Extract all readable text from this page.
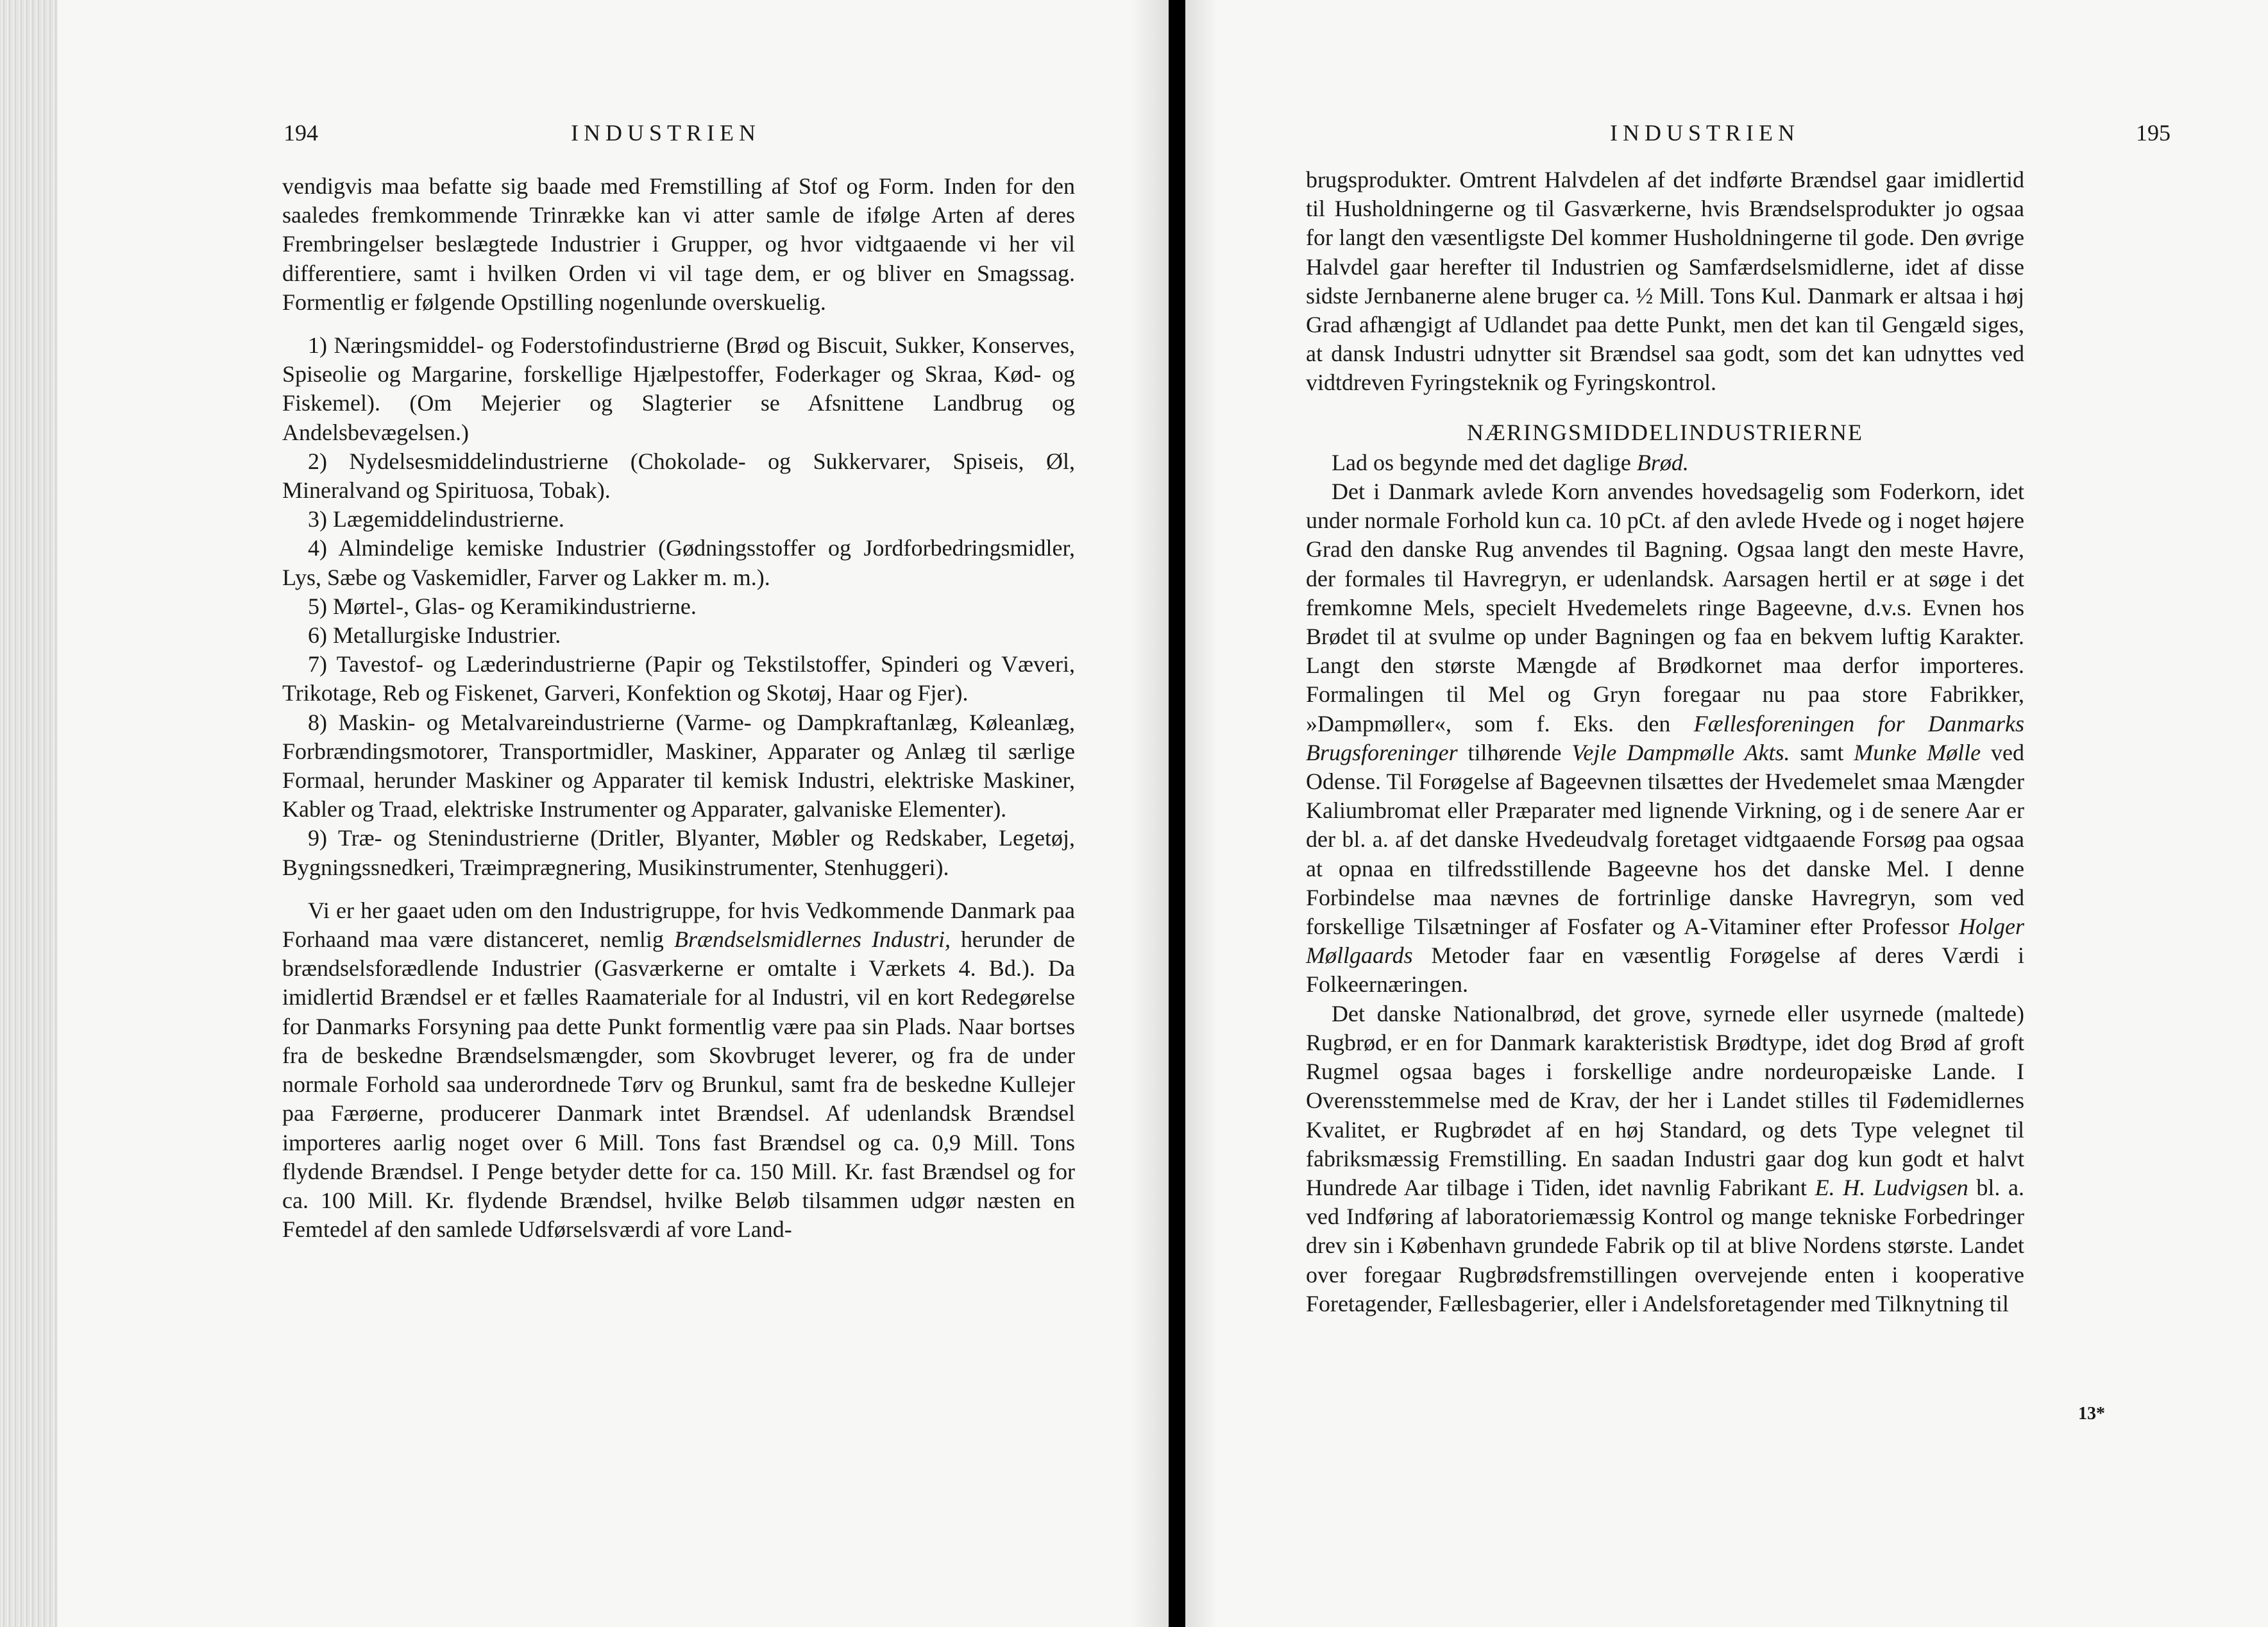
194	INDUSTRIEN

vendigvis maa befatte sig baade med Fremstilling af Stof og Form. Inden for den saaledes fremkommende Trinrække kan vi atter samle de ifølge Arten af deres Frembringelser beslægtede Industrier i Grupper, og hvor vidtgaaende vi her vil differentiere, samt i hvilken Orden vi vil tage dem, er og bliver en Smagssag. Formentlig er følgende Opstilling nogenlunde overskuelig.

1) Næringsmiddel- og Foderstofindustrierne (Brød og Biscuit, Sukker, Konserves, Spiseolie og Margarine, forskellige Hjælpestoffer, Foderkager og Skraa, Kød- og Fiskemel). (Om Mejerier og Slagterier se Afsnittene Landbrug og Andelsbevægelsen.)

2) Nydelsesmiddelindustrierne (Chokolade- og Sukkervarer, Spiseis, Øl, Mineralvand og Spirituosa, Tobak).

3) Lægemiddelindustrierne.

4) Almindelige kemiske Industrier (Gødningsstoffer og Jordforbedringsmidler, Lys, Sæbe og Vaskemidler, Farver og Lakker m. m.).

5) Mørtel-, Glas- og Keramikindustrierne.

6) Metallurgiske Industrier.

7) Tavestof- og Læderindustrierne (Papir og Tekstilstoffer, Spinderi og Væveri, Trikotage, Reb og Fiskenet, Garveri, Konfektion og Skotøj, Haar og Fjer).

8) Maskin- og Metalvareindustrierne (Varme- og Dampkraftanlæg, Køleanlæg, Forbrændingsmotorer, Transportmidler, Maskiner, Apparater og Anlæg til særlige Formaal, herunder Maskiner og Apparater til kemisk Industri, elektriske Maskiner, Kabler og Traad, elektriske Instrumenter og Apparater, galvaniske Elementer).

9) Træ- og Stenindustrierne (Dritler, Blyanter, Møbler og Redskaber, Legetøj, Bygningssnedkeri, Træimprægnering, Musikinstrumenter, Stenhuggeri).

Vi er her gaaet uden om den Industrigruppe, for hvis Vedkommende Danmark paa Forhaand maa være distanceret, nemlig Brændselsmidlernes Industri, herunder de brændselsforædlende Industrier (Gasværkerne er omtalte i Værkets 4. Bd.). Da imidlertid Brændsel er et fælles Raamateriale for al Industri, vil en kort Redegørelse for Danmarks Forsyning paa dette Punkt formentlig være paa sin Plads. Naar bortses fra de beskedne Brændselsmængder, som Skovbruget leverer, og fra de under normale Forhold saa underordnede Tørv og Brunkul, samt fra de beskedne Kullejer paa Færøerne, producerer Danmark intet Brændsel. Af udenlandsk Brændsel importeres aarlig noget over 6 Mill. Tons fast Brændsel og ca. 0,9 Mill. Tons flydende Brændsel. I Penge betyder dette for ca. 150 Mill. Kr. fast Brændsel og for ca. 100 Mill. Kr. flydende Brændsel, hvilke Beløb tilsammen udgør næsten en Femtedel af den samlede Udførselsværdi af vore Land-

INDUSTRIEN	195

brugsprodukter. Omtrent Halvdelen af det indførte Brændsel gaar imidlertid til Husholdningerne og til Gasværkerne, hvis Brændselsprodukter jo ogsaa for langt den væsentligste Del kommer Husholdningerne til gode. Den øvrige Halvdel gaar herefter til Industrien og Samfærdselsmidlerne, idet af disse sidste Jernbanerne alene bruger ca. ½ Mill. Tons Kul. Danmark er altsaa i høj Grad afhængigt af Udlandet paa dette Punkt, men det kan til Gengæld siges, at dansk Industri udnytter sit Brændsel saa godt, som det kan udnyttes ved vidtdreven Fyringsteknik og Fyringskontrol.

NÆRINGSMIDDELINDUSTRIERNE

Lad os begynde med det daglige Brød.

Det i Danmark avlede Korn anvendes hovedsagelig som Foderkorn, idet under normale Forhold kun ca. 10 pCt. af den avlede Hvede og i noget højere Grad den danske Rug anvendes til Bagning. Ogsaa langt den meste Havre, der formales til Havregryn, er udenlandsk. Aarsagen hertil er at søge i det fremkomne Mels, specielt Hvedemelets ringe Bageevne, d.v.s. Evnen hos Brødet til at svulme op under Bagningen og faa en bekvem luftig Karakter. Langt den største Mængde af Brødkornet maa derfor importeres. Formalingen til Mel og Gryn foregaar nu paa store Fabrikker, »Dampmøller«, som f. Eks. den Fællesforeningen for Danmarks Brugsforeninger tilhørende Vejle Dampmølle Akts. samt Munke Mølle ved Odense. Til Forøgelse af Bageevnen tilsættes der Hvedemelet smaa Mængder Kaliumbromat eller Præparater med lignende Virkning, og i de senere Aar er der bl. a. af det danske Hvedeudvalg foretaget vidtgaaende Forsøg paa ogsaa at opnaa en tilfredsstillende Bageevne hos det danske Mel. I denne Forbindelse maa nævnes de fortrinlige danske Havregryn, som ved forskellige Tilsætninger af Fosfater og A-Vitaminer efter Professor Holger Møllgaards Metoder faar en væsentlig Forøgelse af deres Værdi i Folkeernæringen.

Det danske Nationalbrød, det grove, syrnede eller usyrnede (maltede) Rugbrød, er en for Danmark karakteristisk Brødtype, idet dog Brød af groft Rugmel ogsaa bages i forskellige andre nordeuropæiske Lande. I Overensstemmelse med de Krav, der her i Landet stilles til Fødemidlernes Kvalitet, er Rugbrødet af en høj Standard, og dets Type velegnet til fabriksmæssig Fremstilling. En saadan Industri gaar dog kun godt et halvt Hundrede Aar tilbage i Tiden, idet navnlig Fabrikant E. H. Ludvigsen bl. a. ved Indføring af laboratoriemæssig Kontrol og mange tekniske Forbedringer drev sin i København grundede Fabrik op til at blive Nordens største. Landet over foregaar Rugbrødsfremstillingen overvejende enten i kooperative Foretagender, Fællesbagerier, eller i Andelsforetagender med Tilknytning til

13*
